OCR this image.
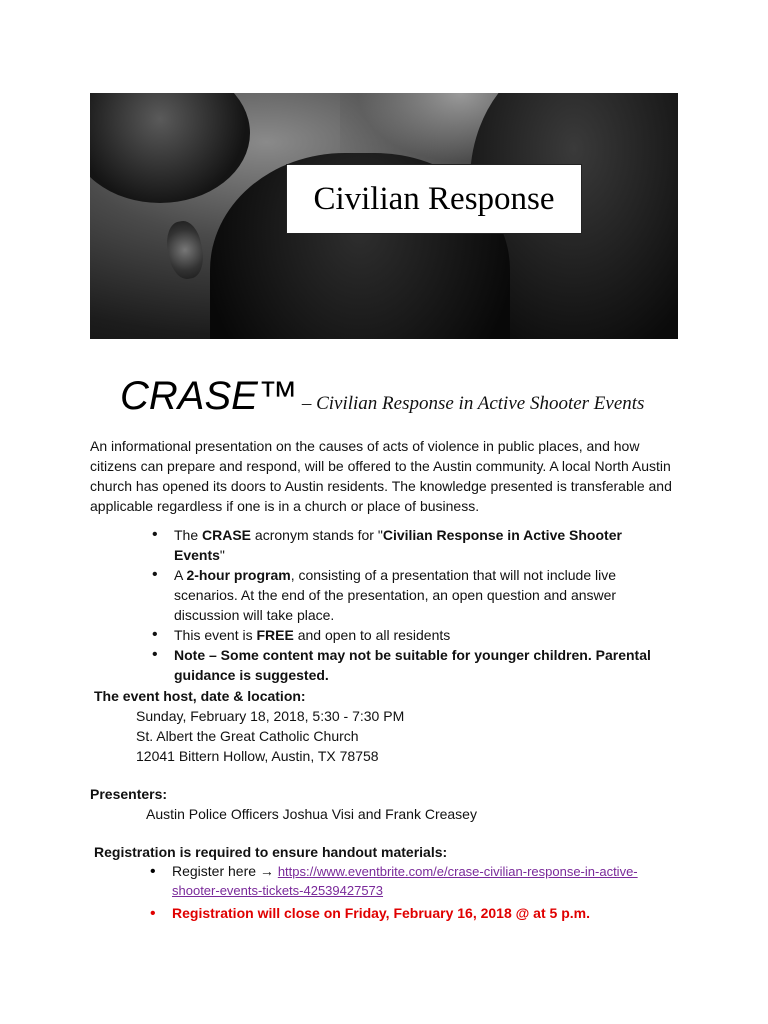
Civilian Response
CRASE™ – Civilian Response in Active Shooter Events

An informational presentation on the causes of acts of violence in public places, and how citizens can prepare and respond, will be offered to the Austin community. A local North Austin church has opened its doors to Austin residents. The knowledge presented is transferable and applicable regardless if one is in a church or place of business.

• The CRASE acronym stands for "Civilian Response in Active Shooter Events"
• A 2-hour program, consisting of a presentation that will not include live scenarios. At the end of the presentation, an open question and answer discussion will take place.
• This event is FREE and open to all residents
• Note – Some content may not be suitable for younger children. Parental guidance is suggested.
The event host, date & location:
Sunday, February 18, 2018, 5:30 - 7:30 PM
St. Albert the Great Catholic Church
12041 Bittern Hollow, Austin, TX 78758
Presenters:
Austin Police Officers Joshua Visi and Frank Creasey
Registration is required to ensure handout materials:
• Register here → https://www.eventbrite.com/e/crase-civilian-response-in-active-shooter-events-tickets-42539427573
• Registration will close on Friday, February 16, 2018 @ at 5 p.m.
